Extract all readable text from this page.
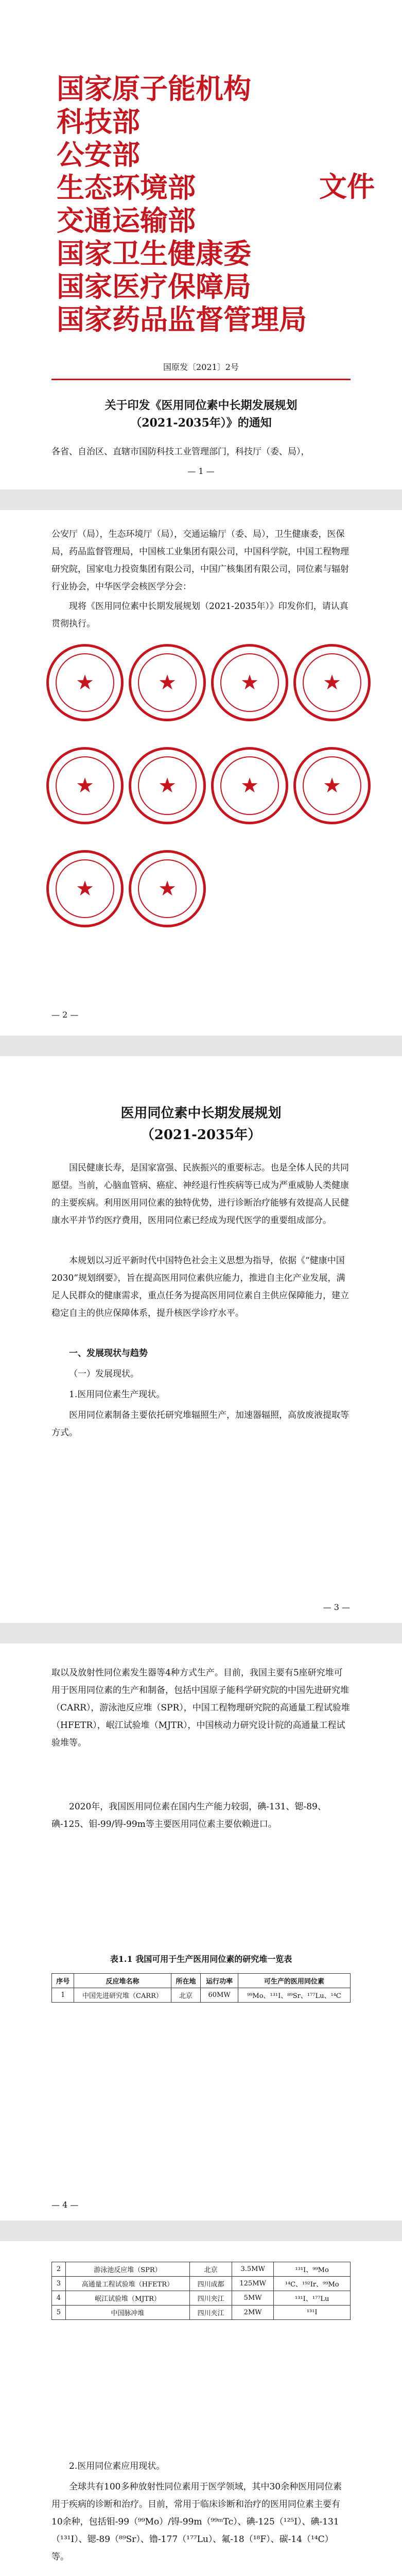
国家原子能机构
科技部
公安部
生态环境部
交通运输部
国家卫生健康委
国家医疗保障局
国家药品监督管理局
文件
国原发〔2021〕2号
关于印发《医用同位素中长期发展规划
（2021-2035年）》的通知
各省、自治区、直辖市国防科技工业管理部门，科技厅（委、局），
— 1 —
公安厅（局），生态环境厅（局），交通运输厅（委、局），卫生健康委，医保局，药品监督管理局，中国核工业集团有限公司，中国科学院，中国工程物理研究院，国家电力投资集团有限公司，中国广核集团有限公司，同位素与辐射行业协会，中华医学会核医学分会：
现将《医用同位素中长期发展规划（2021-2035年）》印发你们，请认真贯彻执行。
★	★	★	★
★	★	★	★
★	★
— 2 —
医用同位素中长期发展规划
（2021-2035年）
国民健康长寿，是国家富强、民族振兴的重要标志。也是全体人民的共同愿望。当前，心脑血管病、癌症、神经退行性疾病等已成为严重威胁人类健康的主要疾病。利用医用同位素的独特优势，进行诊断治疗能够有效提高人民健康水平并节约医疗费用，医用同位素已经成为现代医学的重要组成部分。
本规划以习近平新时代中国特色社会主义思想为指导，依据《“健康中国2030”规划纲要》，旨在提高医用同位素供应能力，推进自主化产业发展，满足人民群众的健康需求，重点任务为提高医用同位素自主供应保障能力，建立稳定自主的供应保障体系，提升核医学诊疗水平。
一、发展现状与趋势
（一）发展现状。
1.医用同位素生产现状。
医用同位素制备主要依托研究堆辐照生产，加速器辐照，高放废液提取等方式。
— 3 —
取以及放射性同位素发生器等4种方式生产。目前，我国主要有5座研究堆可用于医用同位素的生产和制备，包括中国原子能科学研究院的中国先进研究堆（CARR），游泳池反应堆（SPR），中国工程物理研究院的高通量工程试验堆（HFETR），岷江试验堆（MJTR），中国核动力研究设计院的高通量工程试验堆等。
2020年，我国医用同位素在国内生产能力较弱，碘-131、锶-89、碘-125、钼-99/锝-99m等主要医用同位素主要依赖进口。
表1.1 我国可用于生产医用同位素的研究堆一览表
序号	反应堆名称	所在地	运行功率	可生产的医用同位素
1	中国先进研究堆（CARR）	北京	60MW	⁹⁹Mo、¹³¹I、⁸⁹Sr、¹⁷⁷Lu、¹⁴C
— 4 —
2	游泳池反应堆（SPR）	北京	3.5MW	¹³¹I、⁹⁹Mo
3	高通量工程试验堆（HFETR）	四川成都	125MW	¹⁴C、¹⁹²Ir、⁹⁹Mo
4	岷江试验堆（MJTR）	四川夹江	5MW	¹³¹I、¹⁷⁷Lu
5	中国脉冲堆	四川夹江	2MW	¹³¹I
2.医用同位素应用现状。
全球共有100多种放射性同位素用于医学领域，其中30余种医用同位素用于疾病的诊断和治疗。目前，常用于临床诊断和治疗的医用同位素主要有10余种，包括钼-99（⁹⁹Mo）/锝-99m（⁹⁹ᵐTc）、碘-125（¹²⁵I）、碘-131（¹³¹I）、锶-89（⁸⁹Sr）、镥-177（¹⁷⁷Lu）、氟-18（¹⁸F）、碳-14（¹⁴C）等。
